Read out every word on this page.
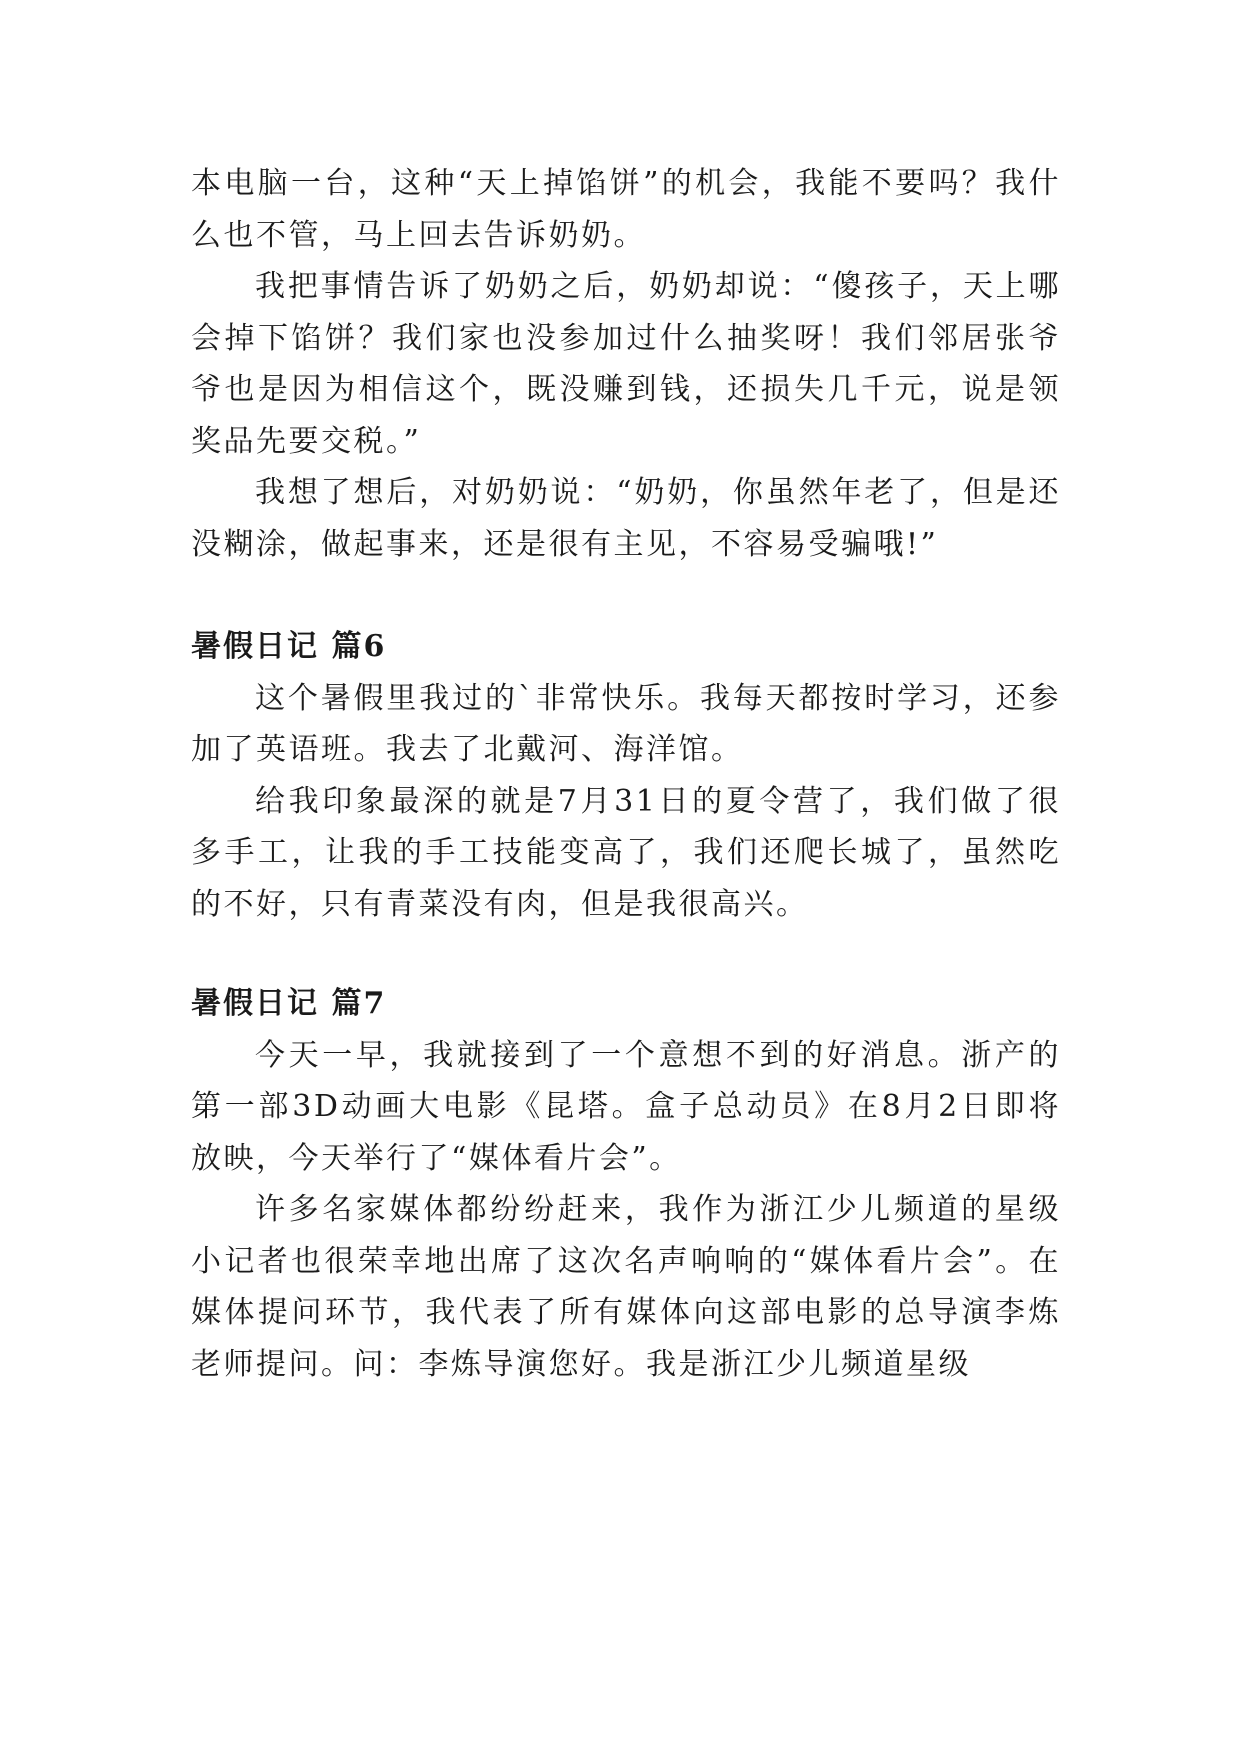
本电脑一台，这种“天上掉馅饼”的机会，我能不要吗？我什么也不管，马上回去告诉奶奶。

我把事情告诉了奶奶之后，奶奶却说：“傻孩子，天上哪会掉下馅饼？我们家也没参加过什么抽奖呀！我们邻居张爷爷也是因为相信这个，既没赚到钱，还损失几千元，说是领奖品先要交税。”

我想了想后，对奶奶说：“奶奶，你虽然年老了，但是还没糊涂，做起事来，还是很有主见，不容易受骗哦!”

暑假日记 篇6

这个暑假里我过的`非常快乐。我每天都按时学习，还参加了英语班。我去了北戴河、海洋馆。

给我印象最深的就是7月31日的夏令营了，我们做了很多手工，让我的手工技能变高了，我们还爬长城了，虽然吃的不好，只有青菜没有肉，但是我很高兴。

暑假日记 篇7

今天一早，我就接到了一个意想不到的好消息。浙产的第一部3D动画大电影《昆塔。盒子总动员》在8月2日即将放映，今天举行了“媒体看片会”。

许多名家媒体都纷纷赶来，我作为浙江少儿频道的星级小记者也很荣幸地出席了这次名声响响的“媒体看片会”。在媒体提问环节，我代表了所有媒体向这部电影的总导演李炼老师提问。问：李炼导演您好。我是浙江少儿频道星级
